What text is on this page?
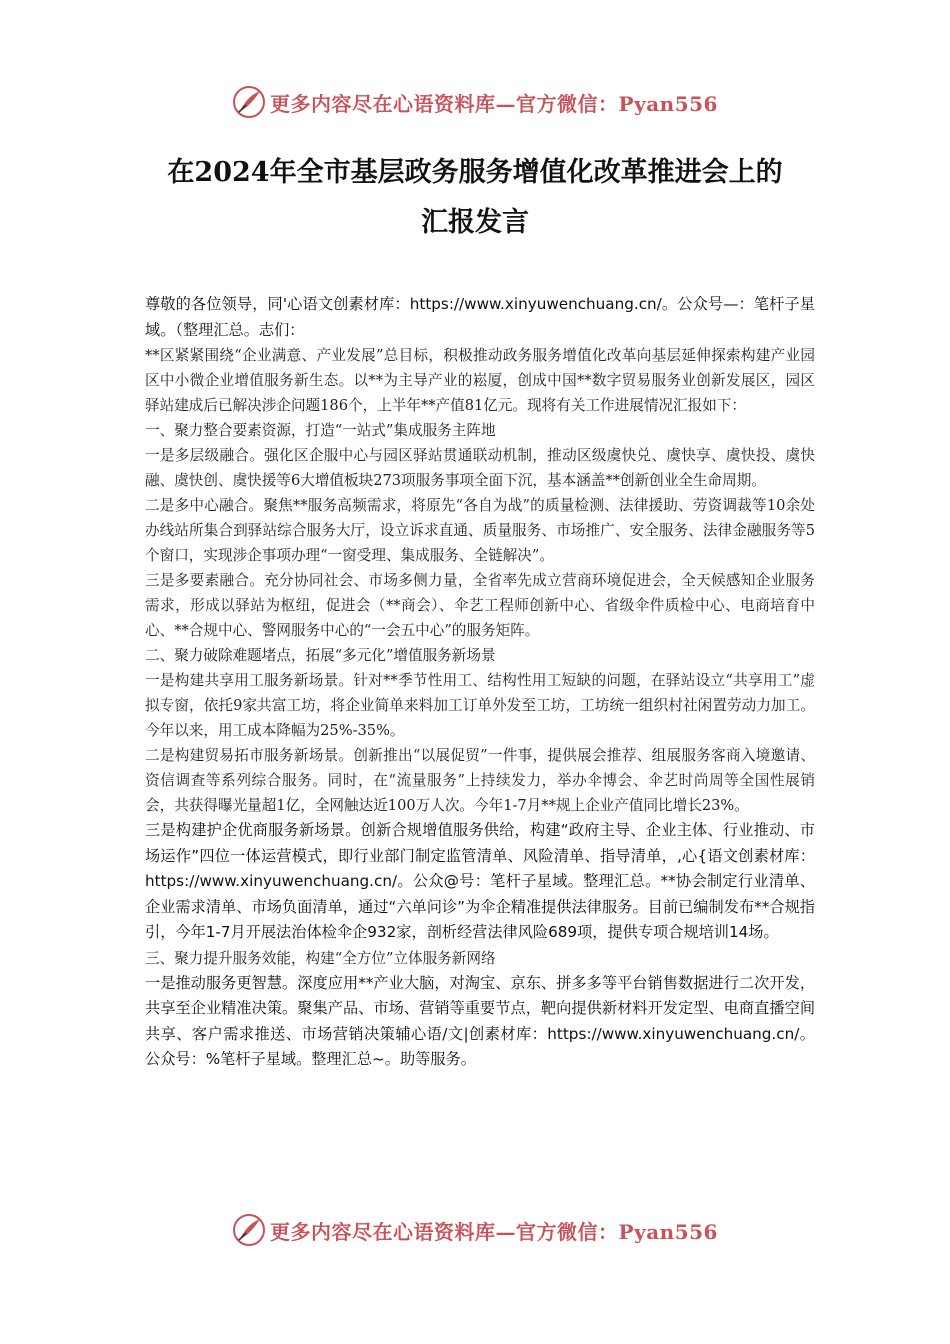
更多内容尽在心语资料库—官方微信：Pyan556
在2024年全市基层政务服务增值化改革推进会上的
汇报发言

尊敬的各位领导，同'心语文创素材库：https://www.xinyuwenchuang.cn/。公众号—：笔杆子星域。（整理汇总。志们：

**区紧紧围绕“企业满意、产业发展”总目标，积极推动政务服务增值化改革向基层延伸探索构建产业园区中小微企业增值服务新生态。以**为主导产业的崧厦，创成中国**数字贸易服务业创新发展区，园区驿站建成后已解决涉企问题186个，上半年**产值81亿元。现将有关工作进展情况汇报如下：

一、聚力整合要素资源，打造“一站式”集成服务主阵地

一是多层级融合。强化区企服中心与园区驿站贯通联动机制，推动区级虞快兑、虞快享、虞快投、虞快融、虞快创、虞快援等6大增值板块273项服务事项全面下沉，基本涵盖**创新创业全生命周期。

二是多中心融合。聚焦**服务高频需求，将原先“各自为战”的质量检测、法律援助、劳资调裁等10余处办线站所集合到驿站综合服务大厅，设立诉求直通、质量服务、市场推广、安全服务、法律金融服务等5个窗口，实现涉企事项办理“一窗受理、集成服务、全链解决”。

三是多要素融合。充分协同社会、市场多侧力量，全省率先成立营商环境促进会，全天候感知企业服务需求，形成以驿站为枢纽，促进会（**商会）、伞艺工程师创新中心、省级伞件质检中心、电商培育中心、**合规中心、警网服务中心的“一会五中心”的服务矩阵。

二、聚力破除难题堵点，拓展“多元化”增值服务新场景

一是构建共享用工服务新场景。针对**季节性用工、结构性用工短缺的问题，在驿站设立“共享用工”虚拟专窗，依托9家共富工坊，将企业简单来料加工订单外发至工坊，工坊统一组织村社闲置劳动力加工。今年以来，用工成本降幅为25%-35%。

二是构建贸易拓市服务新场景。创新推出“以展促贸”一件事，提供展会推荐、组展服务客商入境邀请、资信调查等系列综合服务。同时，在“流量服务”上持续发力，举办伞博会、伞艺时尚周等全国性展销会，共获得曝光量超1亿，全网触达近100万人次。今年1-7月**规上企业产值同比增长23%。

三是构建护企优商服务新场景。创新合规增值服务供给，构建“政府主导、企业主体、行业推动、市场运作”四位一体运营模式，即行业部门制定监管清单、风险清单、指导清单，,心{语文创素材库：https://www.xinyuwenchuang.cn/。公众@号：笔杆子星域。整理汇总。**协会制定行业清单、企业需求清单、市场负面清单，通过“六单问诊”为伞企精准提供法律服务。目前已编制发布**合规指引，今年1-7月开展法治体检伞企932家，剖析经营法律风险689项，提供专项合规培训14场。

三、聚力提升服务效能，构建“全方位”立体服务新网络

一是推动服务更智慧。深度应用**产业大脑，对淘宝、京东、拼多多等平台销售数据进行二次开发，共享至企业精准决策。聚集产品、市场、营销等重要节点，靶向提供新材料开发定型、电商直播空间共享、客户需求推送、市场营销决策辅心语/文|创素材库：https://www.xinyuwenchuang.cn/。公众号：%笔杆子星域。整理汇总~。助等服务。

更多内容尽在心语资料库—官方微信：Pyan556
